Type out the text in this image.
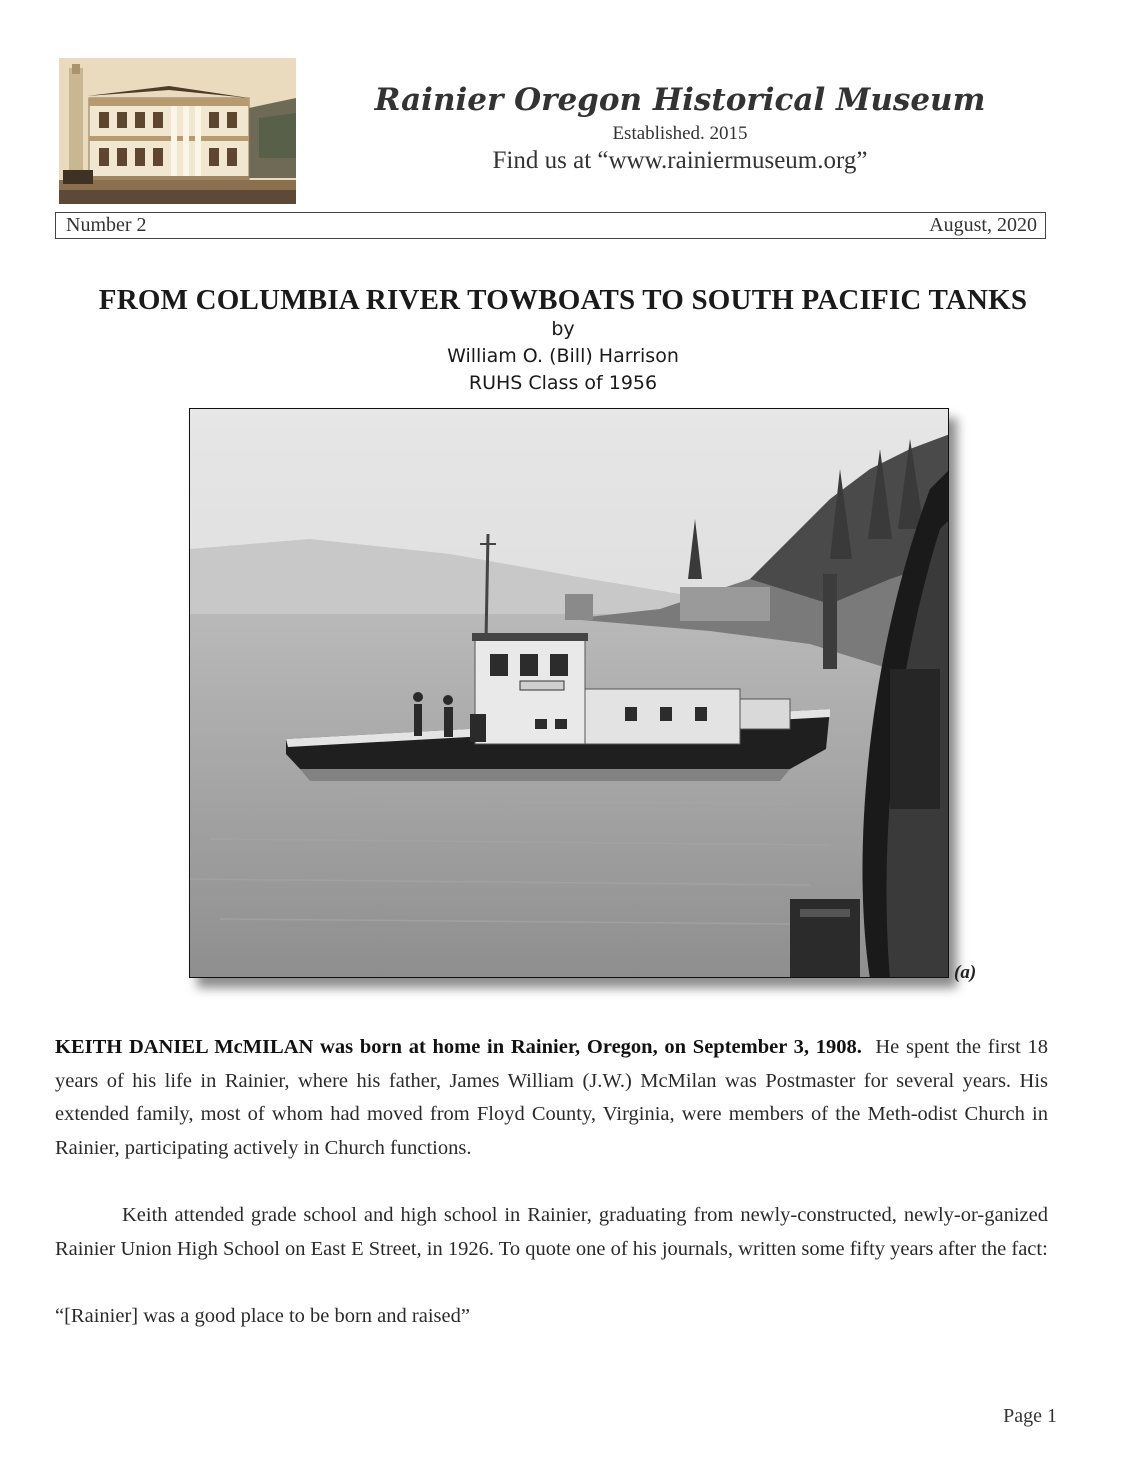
Rainier Oregon Historical Museum
Established. 2015
Find us at “www.rainiermuseum.org”
Number 2	August, 2020
FROM COLUMBIA RIVER TOWBOATS TO SOUTH PACIFIC TANKS
by
William O. (Bill) Harrison
RUHS Class of 1956
(a)
KEITH DANIEL McMILAN was born at home in Rainier, Oregon, on September 3, 1908. He spent the first 18 years of his life in Rainier, where his father, James William (J.W.) McMilan was Postmaster for several years. His extended family, most of whom had moved from Floyd County, Virginia, were members of the Meth-odist Church in Rainier, participating actively in Church functions.
Keith attended grade school and high school in Rainier, graduating from newly-constructed, newly-or-ganized Rainier Union High School on East E Street, in 1926. To quote one of his journals, written some fifty years after the fact:
“[Rainier] was a good place to be born and raised”
Page 1
